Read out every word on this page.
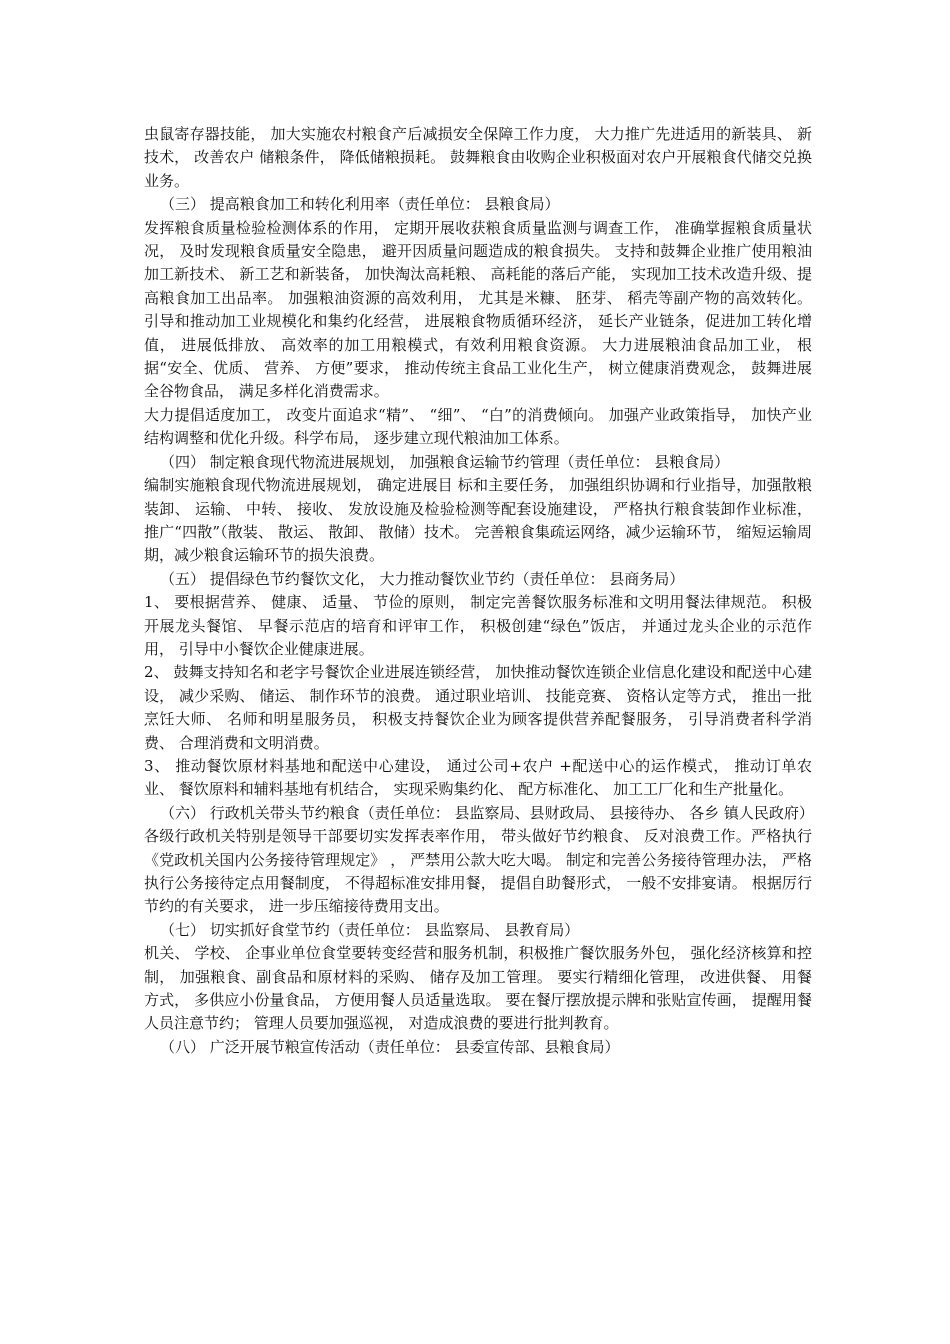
虫鼠寄存器技能， 加大实施农村粮食产后减损安全保障工作力度， 大力推广先进适用的新装具、 新技术， 改善农户 储粮条件， 降低储粮损耗。 鼓舞粮食由收购企业积极面对农户开展粮食代储交兑换业务。

（三） 提高粮食加工和转化利用率（责任单位： 县粮食局）

发挥粮食质量检验检测体系的作用， 定期开展收获粮食质量监测与调查工作， 准确掌握粮食质量状况， 及时发现粮食质量安全隐患， 避开因质量问题造成的粮食损失。 支持和鼓舞企业推广使用粮油加工新技术、 新工艺和新装备， 加快淘汰高耗粮、 高耗能的落后产能， 实现加工技术改造升级、提高粮食加工出品率。 加强粮油资源的高效利用， 尤其是米糠、 胚芽、 稻壳等副产物的高效转化。 引导和推动加工业规模化和集约化经营， 进展粮食物质循环经济， 延长产业链条，促进加工转化增值， 进展低排放、 高效率的加工用粮模式，有效利用粮食资源。 大力进展粮油食品加工业， 根据“安全、优质、 营养、 方便”要求， 推动传统主食品工业化生产， 树立健康消费观念， 鼓舞进展全谷物食品， 满足多样化消费需求。

大力提倡适度加工， 改变片面追求“精”、 “细”、 “白”的消费倾向。 加强产业政策指导， 加快产业结构调整和优化升级。科学布局， 逐步建立现代粮油加工体系。

（四） 制定粮食现代物流进展规划， 加强粮食运输节约管理（责任单位： 县粮食局）

编制实施粮食现代物流进展规划， 确定进展目 标和主要任务， 加强组织协调和行业指导，加强散粮装卸、 运输、 中转、 接收、 发放设施及检验检测等配套设施建设， 严格执行粮食装卸作业标准， 推广“四散”（散装、 散运、 散卸、 散储）技术。 完善粮食集疏运网络，减少运输环节， 缩短运输周期，减少粮食运输环节的损失浪费。

（五） 提倡绿色节约餐饮文化， 大力推动餐饮业节约（责任单位： 县商务局）

1、 要根据营养、 健康、 适量、 节俭的原则， 制定完善餐饮服务标准和文明用餐法律规范。 积极开展龙头餐馆、 早餐示范店的培育和评审工作， 积极创建“绿色”饭店， 并通过龙头企业的示范作用， 引导中小餐饮企业健康进展。

2、 鼓舞支持知名和老字号餐饮企业进展连锁经营， 加快推动餐饮连锁企业信息化建设和配送中心建设， 减少采购、 储运、 制作环节的浪费。 通过职业培训、 技能竞赛、 资格认定等方式， 推出一批烹饪大师、 名师和明星服务员， 积极支持餐饮企业为顾客提供营养配餐服务， 引导消费者科学消费、 合理消费和文明消费。

3、 推动餐饮原材料基地和配送中心建设， 通过公司+农户 +配送中心的运作模式， 推动订单农业、 餐饮原料和辅料基地有机结合， 实现采购集约化、 配方标准化、 加工工厂化和生产批量化。

（六） 行政机关带头节约粮食（责任单位： 县监察局、县财政局、 县接待办、 各乡 镇人民政府）

各级行政机关特别是领导干部要切实发挥表率作用， 带头做好节约粮食、 反对浪费工作。严格执行《党政机关国内公务接待管理规定》 ， 严禁用公款大吃大喝。 制定和完善公务接待管理办法， 严格执行公务接待定点用餐制度， 不得超标准安排用餐， 提倡自助餐形式， 一般不安排宴请。 根据厉行节约的有关要求， 进一步压缩接待费用支出。

（七） 切实抓好食堂节约（责任单位： 县监察局、 县教育局）

机关、 学校、 企事业单位食堂要转变经营和服务机制，积极推广餐饮服务外包， 强化经济核算和控制， 加强粮食、副食品和原材料的采购、 储存及加工管理。 要实行精细化管理， 改进供餐、 用餐方式， 多供应小份量食品， 方便用餐人员适量选取。 要在餐厅摆放提示牌和张贴宣传画， 提醒用餐人员注意节约； 管理人员要加强巡视， 对造成浪费的要进行批判教育。

（八） 广泛开展节粮宣传活动（责任单位： 县委宣传部、县粮食局）
